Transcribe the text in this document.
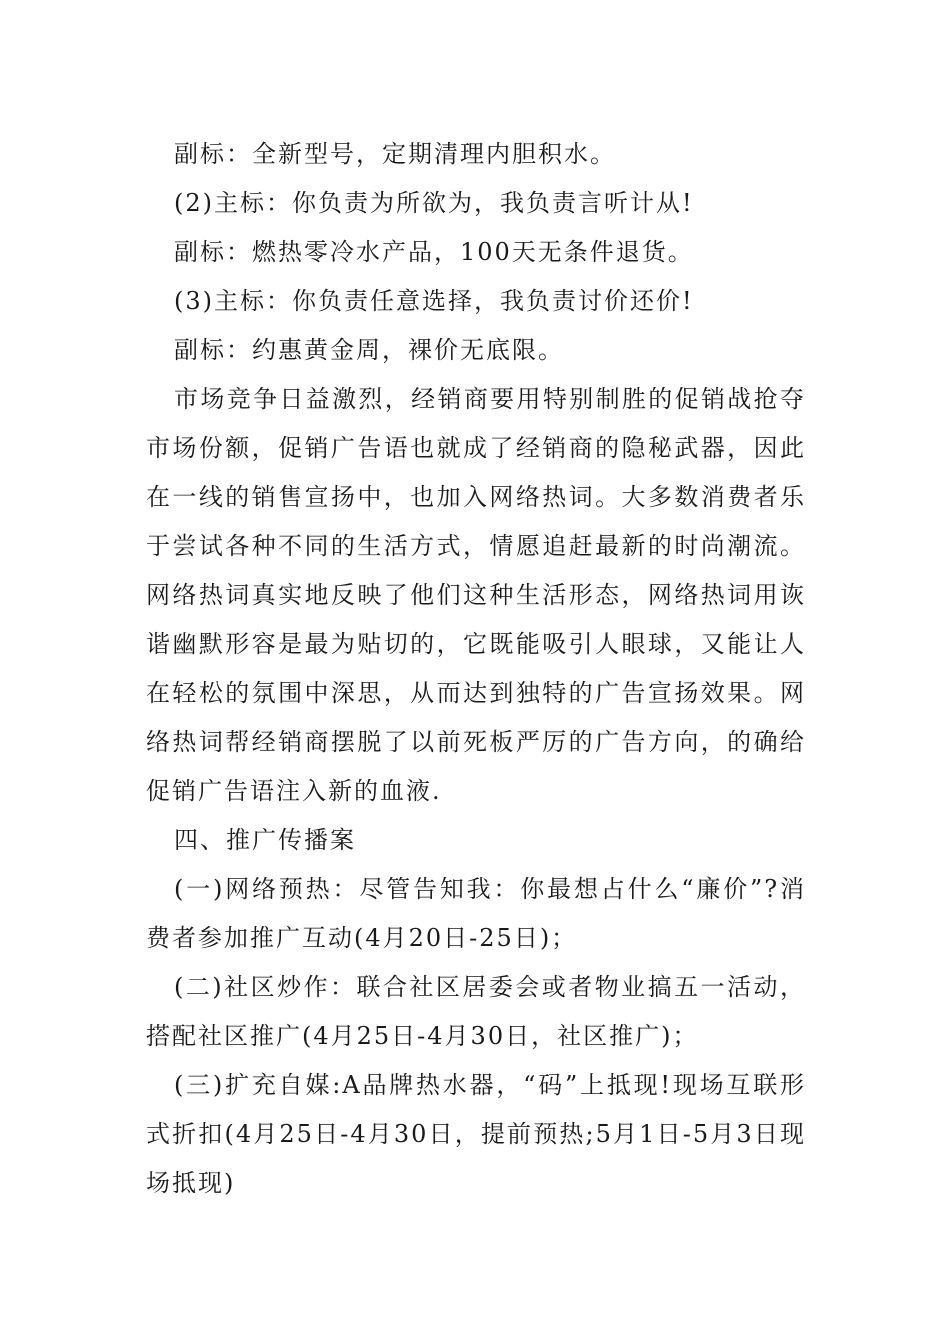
副标：全新型号，定期清理内胆积水。
(2)主标：你负责为所欲为，我负责言听计从!
副标：燃热零冷水产品，100天无条件退货。
(3)主标：你负责任意选择，我负责讨价还价!
副标：约惠黄金周，裸价无底限。

市场竞争日益激烈，经销商要用特别制胜的促销战抢夺市场份额，促销广告语也就成了经销商的隐秘武器，因此在一线的销售宣扬中，也加入网络热词。大多数消费者乐于尝试各种不同的生活方式，情愿追赶最新的时尚潮流。网络热词真实地反映了他们这种生活形态，网络热词用诙谐幽默形容是最为贴切的，它既能吸引人眼球，又能让人在轻松的氛围中深思，从而达到独特的广告宣扬效果。网络热词帮经销商摆脱了以前死板严厉的广告方向，的确给促销广告语注入新的血液.

四、推广传播案

(一)网络预热：尽管告知我：你最想占什么“廉价”?消费者参加推广互动(4月20日-25日)；

(二)社区炒作：联合社区居委会或者物业搞五一活动，搭配社区推广(4月25日-4月30日，社区推广)；

(三)扩充自媒:A品牌热水器，“码”上抵现!现场互联形式折扣(4月25日-4月30日，提前预热;5月1日-5月3日现场抵现)
